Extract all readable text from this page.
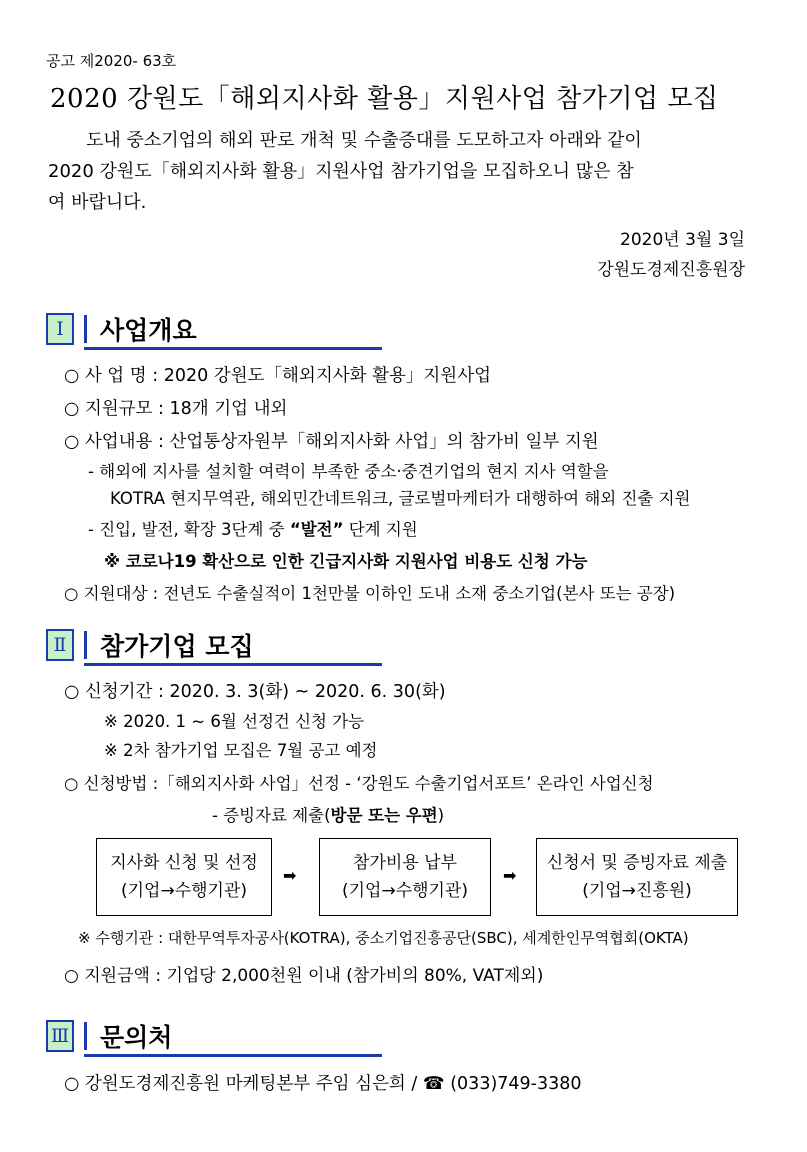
공고 제2020- 63호
2020 강원도「해외지사화 활용」지원사업 참가기업 모집

도내 중소기업의 해외 판로 개척 및 수출증대를 도모하고자 아래와 같이

2020 강원도「해외지사화 활용」지원사업 참가기업을 모집하오니 많은 참

여 바랍니다.

2020년 3월 3일
강원도경제진흥원장
Ⅰ	사업개요
○ 사 업 명 : 2020 강원도「해외지사화 활용」지원사업
○ 지원규모 : 18개 기업 내외
○ 사업내용 : 산업통상자원부「해외지사화 사업」의 참가비 일부 지원
- 해외에 지사를 설치할 여력이 부족한 중소·중견기업의 현지 지사 역할을
KOTRA 현지무역관, 해외민간네트워크, 글로벌마케터가 대행하여 해외 진출 지원
- 진입, 발전, 확장 3단계 중 “발전” 단계 지원
※ 코로나19 확산으로 인한 긴급지사화 지원사업 비용도 신청 가능
○ 지원대상 : 전년도 수출실적이 1천만불 이하인 도내 소재 중소기업(본사 또는 공장)
Ⅱ	참가기업 모집
○ 신청기간 : 2020. 3. 3(화) ~ 2020. 6. 30(화)
※ 2020. 1 ~ 6월 선정건 신청 가능
※ 2차 참가기업 모집은 7월 공고 예정
○ 신청방법 :「해외지사화 사업」선정 - ‘강원도 수출기업서포트’ 온라인 사업신청
- 증빙자료 제출(방문 또는 우편)
지사화 신청 및 선정
(기업→수행기관)
➡
참가비용 납부
(기업→수행기관)
➡
신청서 및 증빙자료 제출
(기업→진흥원)
※ 수행기관 : 대한무역투자공사(KOTRA), 중소기업진흥공단(SBC), 세계한인무역협회(OKTA)
○ 지원금액 : 기업당 2,000천원 이내 (참가비의 80%, VAT제외)
Ⅲ 문의처
○ 강원도경제진흥원 마케팅본부 주임 심은희 / ☎ (033)749-3380
